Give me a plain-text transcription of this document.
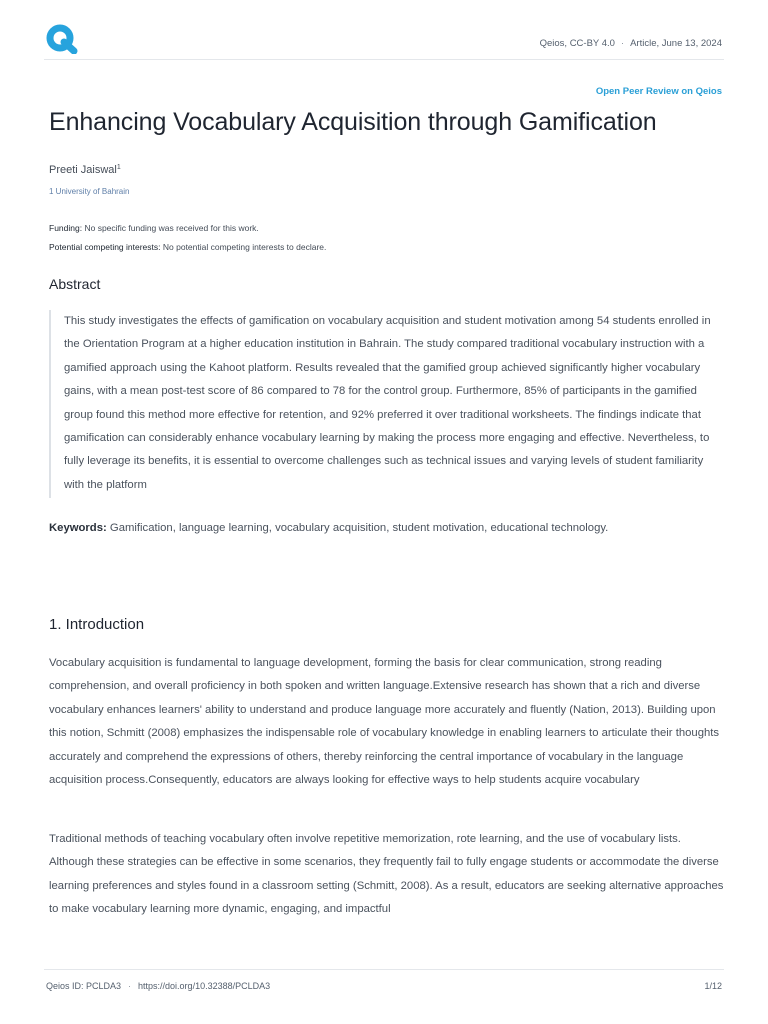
Qeios, CC-BY 4.0 · Article, June 13, 2024
Open Peer Review on Qeios
Enhancing Vocabulary Acquisition through Gamification
Preeti Jaiswal$^1$
1 University of Bahrain
Funding: No specific funding was received for this work.
Potential competing interests: No potential competing interests to declare.
Abstract

This study investigates the effects of gamification on vocabulary acquisition and student motivation among 54 students enrolled in the Orientation Program at a higher education institution in Bahrain. The study compared traditional vocabulary instruction with a gamified approach using the Kahoot platform. Results revealed that the gamified group achieved significantly higher vocabulary gains, with a mean post-test score of 86 compared to 78 for the control group. Furthermore, 85% of participants in the gamified group found this method more effective for retention, and 92% preferred it over traditional worksheets. The findings indicate that gamification can considerably enhance vocabulary learning by making the process more engaging and effective. Nevertheless, to fully leverage its benefits, it is essential to overcome challenges such as technical issues and varying levels of student familiarity with the platform

Keywords: Gamification, language learning, vocabulary acquisition, student motivation, educational technology.
1. Introduction

Vocabulary acquisition is fundamental to language development, forming the basis for clear communication, strong reading comprehension, and overall proficiency in both spoken and written language.Extensive research has shown that a rich and diverse vocabulary enhances learners' ability to understand and produce language more accurately and fluently (Nation, 2013). Building upon this notion, Schmitt (2008) emphasizes the indispensable role of vocabulary knowledge in enabling learners to articulate their thoughts accurately and comprehend the expressions of others, thereby reinforcing the central importance of vocabulary in the language acquisition process.Consequently, educators are always looking for effective ways to help students acquire vocabulary

Traditional methods of teaching vocabulary often involve repetitive memorization, rote learning, and the use of vocabulary lists. Although these strategies can be effective in some scenarios, they frequently fail to fully engage students or accommodate the diverse learning preferences and styles found in a classroom setting (Schmitt, 2008). As a result, educators are seeking alternative approaches to make vocabulary learning more dynamic, engaging, and impactful

Qeios ID: PCLDA3 · https://doi.org/10.32388/PCLDA3	1/12
